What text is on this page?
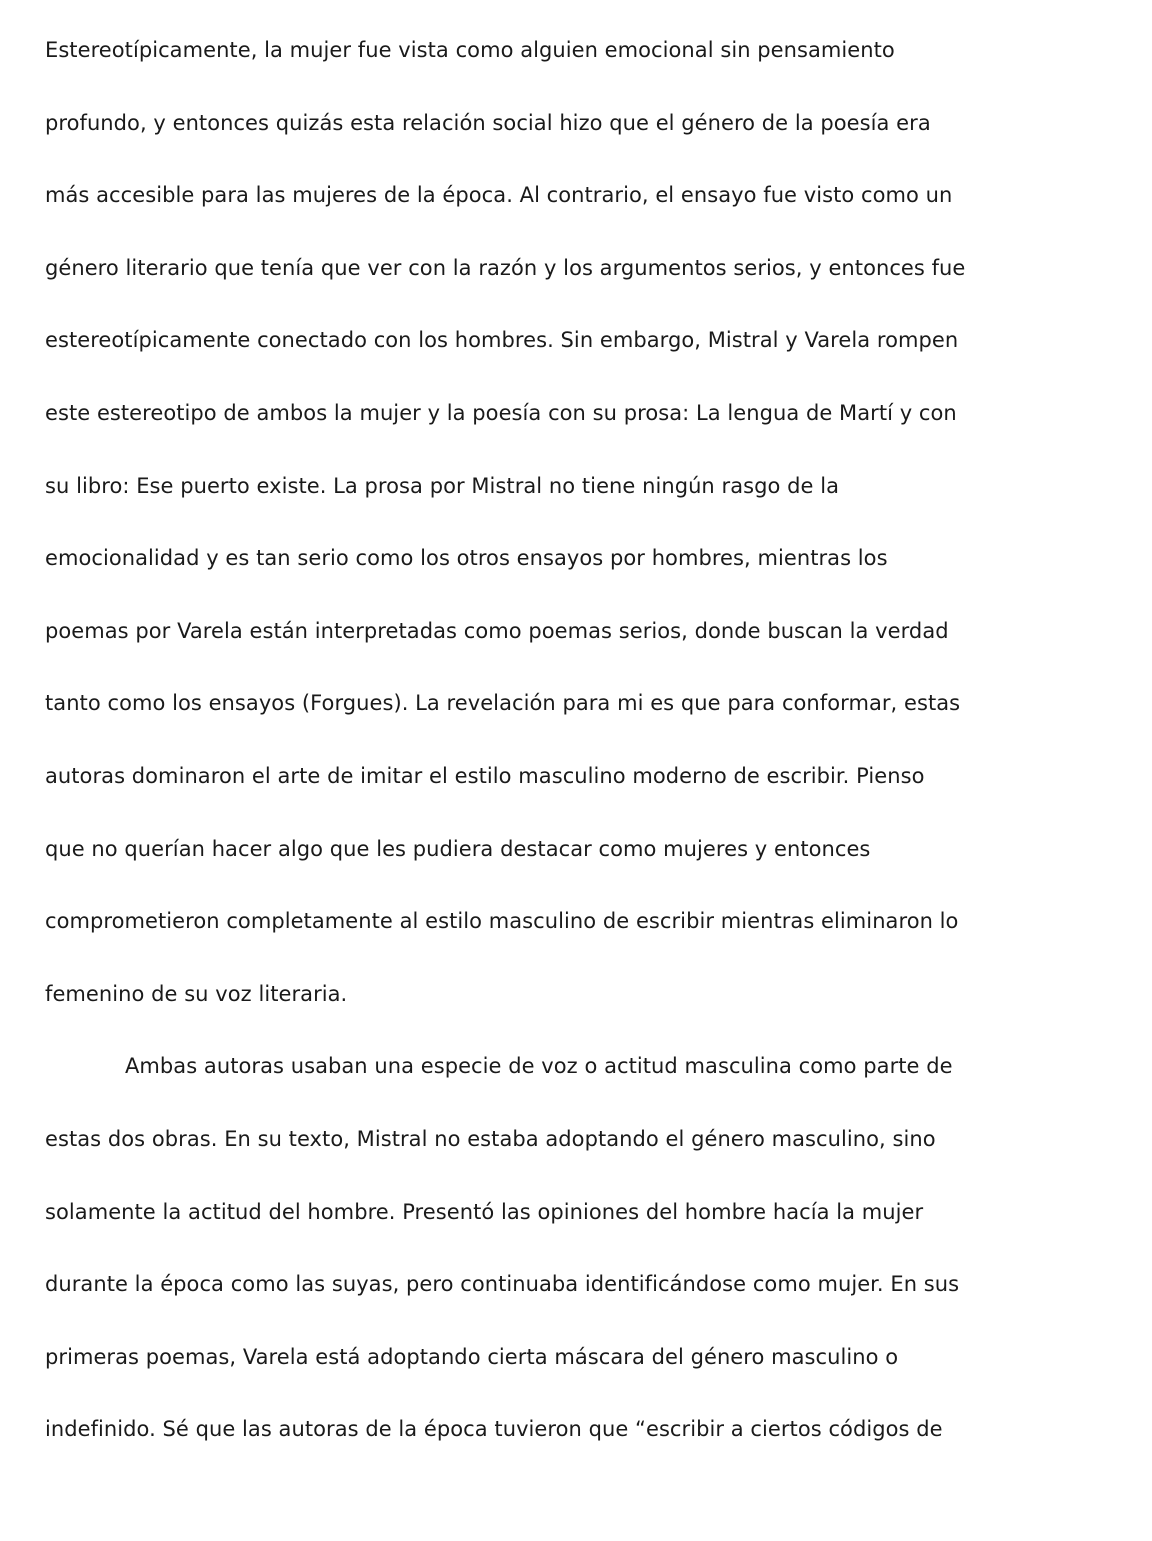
Estereotípicamente, la mujer fue vista como alguien emocional sin pensamiento
profundo, y entonces quizás esta relación social hizo que el género de la poesía era
más accesible para las mujeres de la época. Al contrario, el ensayo fue visto como un
género literario que tenía que ver con la razón y los argumentos serios, y entonces fue
estereotípicamente conectado con los hombres. Sin embargo, Mistral y Varela rompen
este estereotipo de ambos la mujer y la poesía con su prosa: La lengua de Martí y con
su libro: Ese puerto existe. La prosa por Mistral no tiene ningún rasgo de la
emocionalidad y es tan serio como los otros ensayos por hombres, mientras los
poemas por Varela están interpretadas como poemas serios, donde buscan la verdad
tanto como los ensayos (Forgues). La revelación para mi es que para conformar, estas
autoras dominaron el arte de imitar el estilo masculino moderno de escribir. Pienso
que no querían hacer algo que les pudiera destacar como mujeres y entonces
comprometieron completamente al estilo masculino de escribir mientras eliminaron lo
femenino de su voz literaria.
Ambas autoras usaban una especie de voz o actitud masculina como parte de
estas dos obras. En su texto, Mistral no estaba adoptando el género masculino, sino
solamente la actitud del hombre. Presentó las opiniones del hombre hacía la mujer
durante la época como las suyas, pero continuaba identificándose como mujer. En sus
primeras poemas, Varela está adoptando cierta máscara del género masculino o
indefinido. Sé que las autoras de la época tuvieron que “escribir a ciertos códigos de
